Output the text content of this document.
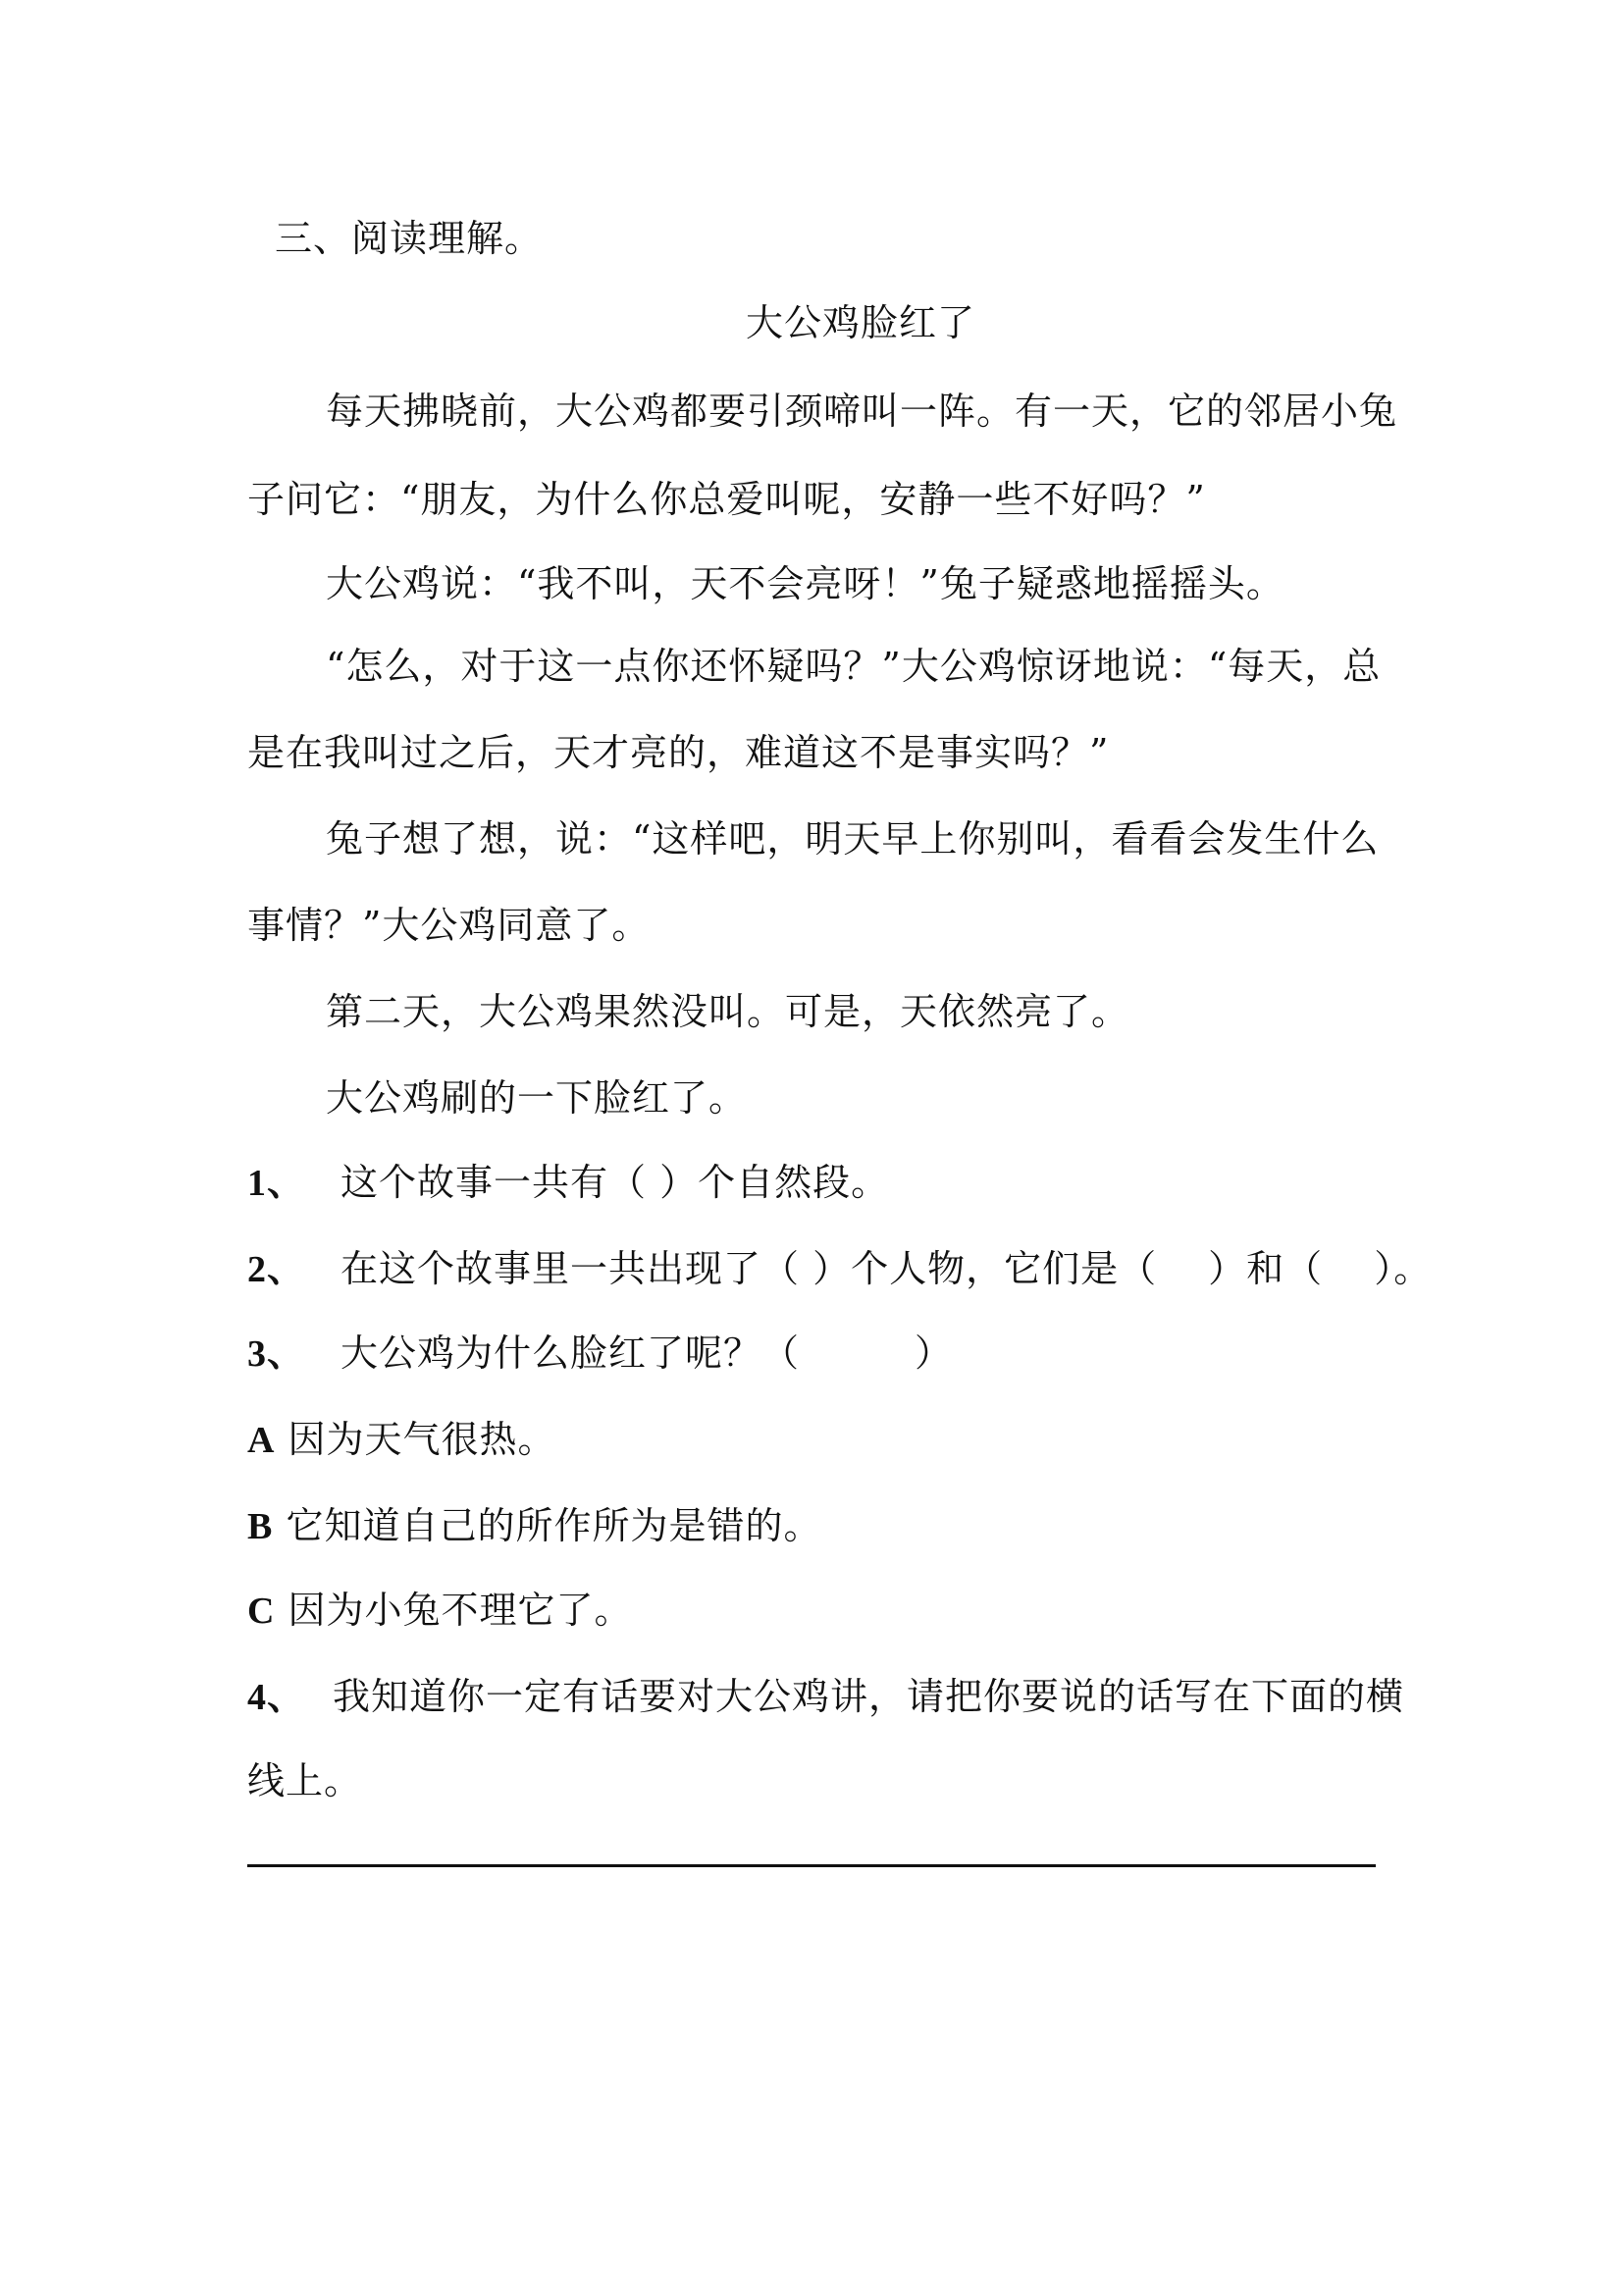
三、阅读理解。
大公鸡脸红了
每天拂晓前，大公鸡都要引颈啼叫一阵。有一天，它的邻居小兔
子问它：“朋友，为什么你总爱叫呢，安静一些不好吗？”
大公鸡说：“我不叫，天不会亮呀！”兔子疑惑地摇摇头。
“怎么，对于这一点你还怀疑吗？”大公鸡惊讶地说：“每天，总
是在我叫过之后，天才亮的，难道这不是事实吗？”
兔子想了想，说：“这样吧，明天早上你别叫，看看会发生什么
事情？”大公鸡同意了。
第二天，大公鸡果然没叫。可是，天依然亮了。
大公鸡刷的一下脸红了。
1、 这个故事一共有（ ）个自然段。
2、 在这个故事里一共出现了（ ）个人物，它们是（　 ）和（　 ）。
3、 大公鸡为什么脸红了呢？（　　　）
A 因为天气很热。
B 它知道自己的所作所为是错的。
C 因为小兔不理它了。
4、 我知道你一定有话要对大公鸡讲，请把你要说的话写在下面的横
线上。
